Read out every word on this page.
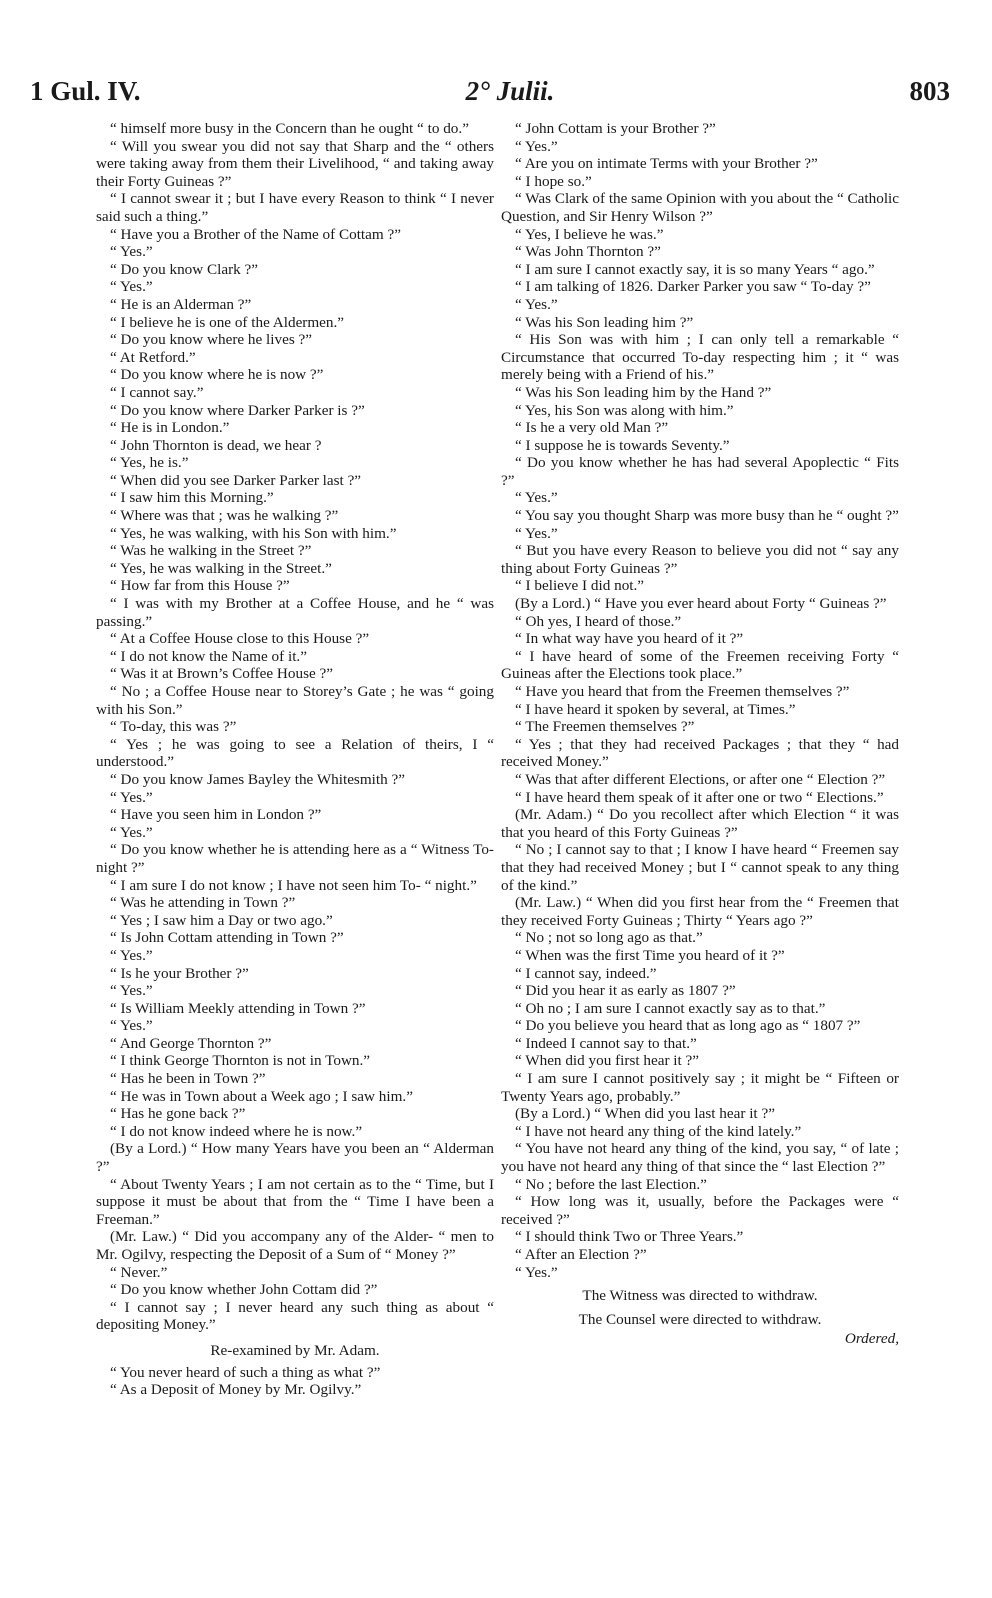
1 Gul. IV.	2° Julii.	803

“ himself more busy in the Concern than he ought “ to do.”

“ Will you swear you did not say that Sharp and the “ others were taking away from them their Livelihood, “ and taking away their Forty Guineas ?”

“ I cannot swear it ; but I have every Reason to think “ I never said such a thing.”

“ Have you a Brother of the Name of Cottam ?”

“ Yes.”

“ Do you know Clark ?”

“ Yes.”

“ He is an Alderman ?”

“ I believe he is one of the Aldermen.”

“ Do you know where he lives ?”

“ At Retford.”

“ Do you know where he is now ?”

“ I cannot say.”

“ Do you know where Darker Parker is ?”

“ He is in London.”

“ John Thornton is dead, we hear ?

“ Yes, he is.”

“ When did you see Darker Parker last ?”

“ I saw him this Morning.”

“ Where was that ; was he walking ?”

“ Yes, he was walking, with his Son with him.”

“ Was he walking in the Street ?”

“ Yes, he was walking in the Street.”

“ How far from this House ?”

“ I was with my Brother at a Coffee House, and he “ was passing.”

“ At a Coffee House close to this House ?”

“ I do not know the Name of it.”

“ Was it at Brown’s Coffee House ?”

“ No ; a Coffee House near to Storey’s Gate ; he was “ going with his Son.”

“ To-day, this was ?”

“ Yes ; he was going to see a Relation of theirs, I “ understood.”

“ Do you know James Bayley the Whitesmith ?”

“ Yes.”

“ Have you seen him in London ?”

“ Yes.”

“ Do you know whether he is attending here as a “ Witness To-night ?”

“ I am sure I do not know ; I have not seen him To- “ night.”

“ Was he attending in Town ?”

“ Yes ; I saw him a Day or two ago.”

“ Is John Cottam attending in Town ?”

“ Yes.”

“ Is he your Brother ?”

“ Yes.”

“ Is William Meekly attending in Town ?”

“ Yes.”

“ And George Thornton ?”

“ I think George Thornton is not in Town.”

“ Has he been in Town ?”

“ He was in Town about a Week ago ; I saw him.”

“ Has he gone back ?”

“ I do not know indeed where he is now.”

(By a Lord.) “ How many Years have you been an “ Alderman ?”

“ About Twenty Years ; I am not certain as to the “ Time, but I suppose it must be about that from the “ Time I have been a Freeman.”

(Mr. Law.) “ Did you accompany any of the Alder- “ men to Mr. Ogilvy, respecting the Deposit of a Sum of “ Money ?”

“ Never.”

“ Do you know whether John Cottam did ?”

“ I cannot say ; I never heard any such thing as about “ depositing Money.”

Re-examined by Mr. Adam.

“ You never heard of such a thing as what ?”

“ As a Deposit of Money by Mr. Ogilvy.”

“ John Cottam is your Brother ?”

“ Yes.”

“ Are you on intimate Terms with your Brother ?”

“ I hope so.”

“ Was Clark of the same Opinion with you about the “ Catholic Question, and Sir Henry Wilson ?”

“ Yes, I believe he was.”

“ Was John Thornton ?”

“ I am sure I cannot exactly say, it is so many Years “ ago.”

“ I am talking of 1826. Darker Parker you saw “ To-day ?”

“ Yes.”

“ Was his Son leading him ?”

“ His Son was with him ; I can only tell a remarkable “ Circumstance that occurred To-day respecting him ; it “ was merely being with a Friend of his.”

“ Was his Son leading him by the Hand ?”

“ Yes, his Son was along with him.”

“ Is he a very old Man ?”

“ I suppose he is towards Seventy.”

“ Do you know whether he has had several Apoplectic “ Fits ?”

“ Yes.”

“ You say you thought Sharp was more busy than he “ ought ?”

“ Yes.”

“ But you have every Reason to believe you did not “ say any thing about Forty Guineas ?”

“ I believe I did not.”

(By a Lord.) “ Have you ever heard about Forty “ Guineas ?”

“ Oh yes, I heard of those.”

“ In what way have you heard of it ?”

“ I have heard of some of the Freemen receiving Forty “ Guineas after the Elections took place.”

“ Have you heard that from the Freemen themselves ?”

“ I have heard it spoken by several, at Times.”

“ The Freemen themselves ?”

“ Yes ; that they had received Packages ; that they “ had received Money.”

“ Was that after different Elections, or after one “ Election ?”

“ I have heard them speak of it after one or two “ Elections.”

(Mr. Adam.) “ Do you recollect after which Election “ it was that you heard of this Forty Guineas ?”

“ No ; I cannot say to that ; I know I have heard “ Freemen say that they had received Money ; but I “ cannot speak to any thing of the kind.”

(Mr. Law.) “ When did you first hear from the “ Freemen that they received Forty Guineas ; Thirty “ Years ago ?”

“ No ; not so long ago as that.”

“ When was the first Time you heard of it ?”

“ I cannot say, indeed.”

“ Did you hear it as early as 1807 ?”

“ Oh no ; I am sure I cannot exactly say as to that.”

“ Do you believe you heard that as long ago as “ 1807 ?”

“ Indeed I cannot say to that.”

“ When did you first hear it ?”

“ I am sure I cannot positively say ; it might be “ Fifteen or Twenty Years ago, probably.”

(By a Lord.) “ When did you last hear it ?”

“ I have not heard any thing of the kind lately.”

“ You have not heard any thing of the kind, you say, “ of late ; you have not heard any thing of that since the “ last Election ?”

“ No ; before the last Election.”

“ How long was it, usually, before the Packages were “ received ?”

“ I should think Two or Three Years.”

“ After an Election ?”

“ Yes.”

The Witness was directed to withdraw.
The Counsel were directed to withdraw.
Ordered,
